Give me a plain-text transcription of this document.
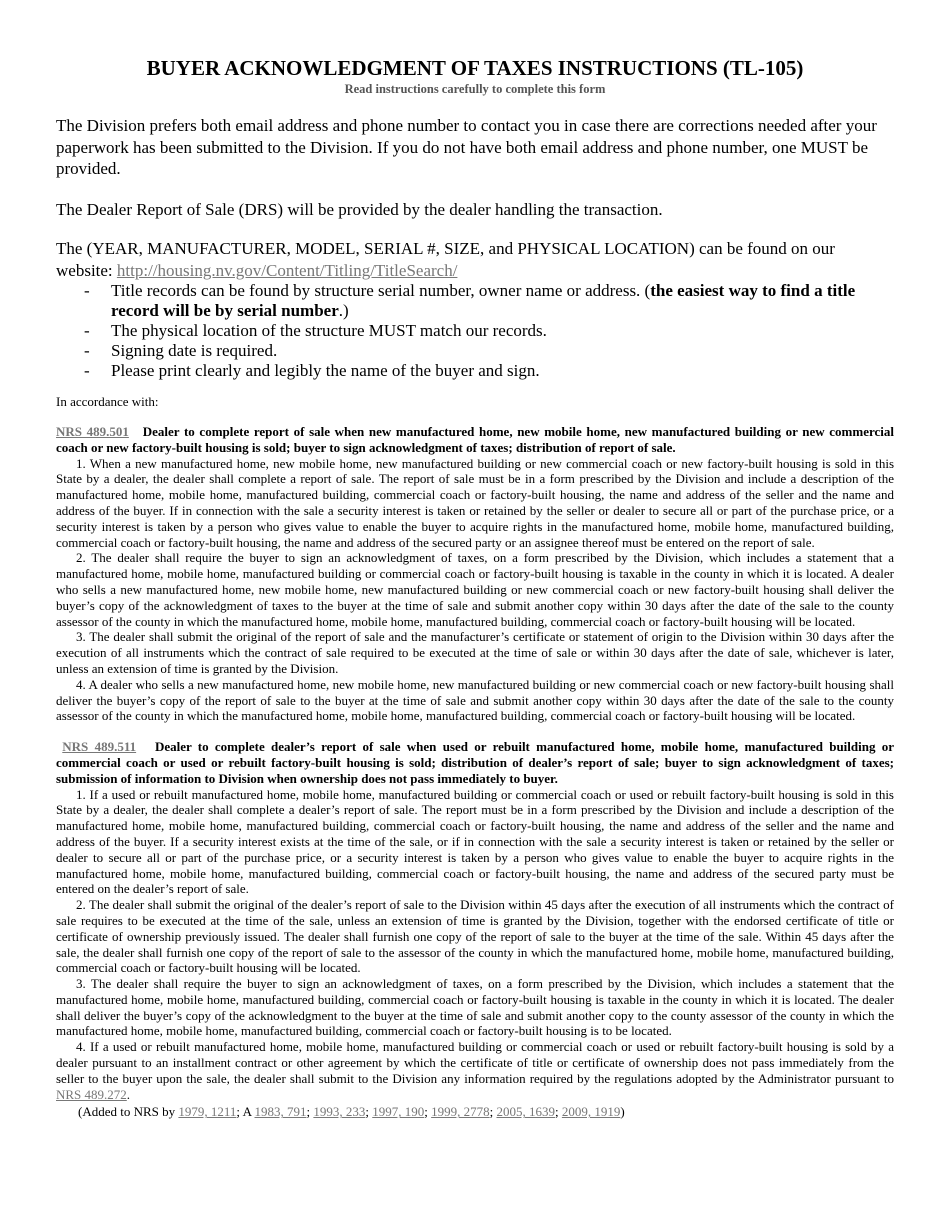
BUYER ACKNOWLEDGMENT OF TAXES INSTRUCTIONS (TL-105)

Read instructions carefully to complete this form

The Division prefers both email address and phone number to contact you in case there are corrections needed after your paperwork has been submitted to the Division. If you do not have both email address and phone number, one MUST be provided.

The Dealer Report of Sale (DRS) will be provided by the dealer handling the transaction.

The (YEAR, MANUFACTURER, MODEL, SERIAL #, SIZE, and PHYSICAL LOCATION) can be found on our website: http://housing.nv.gov/Content/Titling/TitleSearch/

- Title records can be found by structure serial number, owner name or address. (the easiest way to find a title record will be by serial number.)
- The physical location of the structure MUST match our records.
- Signing date is required.
- Please print clearly and legibly the name of the buyer and sign.

In accordance with:

NRS 489.501 Dealer to complete report of sale when new manufactured home, new mobile home, new manufactured building or new commercial coach or new factory-built housing is sold; buyer to sign acknowledgment of taxes; distribution of report of sale.

1. When a new manufactured home, new mobile home, new manufactured building or new commercial coach or new factory-built housing is sold in this State by a dealer, the dealer shall complete a report of sale. The report of sale must be in a form prescribed by the Division and include a description of the manufactured home, mobile home, manufactured building, commercial coach or factory-built housing, the name and address of the seller and the name and address of the buyer. If in connection with the sale a security interest is taken or retained by the seller or dealer to secure all or part of the purchase price, or a security interest is taken by a person who gives value to enable the buyer to acquire rights in the manufactured home, mobile home, manufactured building, commercial coach or factory-built housing, the name and address of the secured party or an assignee thereof must be entered on the report of sale.

2. The dealer shall require the buyer to sign an acknowledgment of taxes, on a form prescribed by the Division, which includes a statement that a manufactured home, mobile home, manufactured building or commercial coach or factory-built housing is taxable in the county in which it is located. A dealer who sells a new manufactured home, new mobile home, new manufactured building or new commercial coach or new factory-built housing shall deliver the buyer’s copy of the acknowledgment of taxes to the buyer at the time of sale and submit another copy within 30 days after the date of the sale to the county assessor of the county in which the manufactured home, mobile home, manufactured building, commercial coach or factory-built housing will be located.

3. The dealer shall submit the original of the report of sale and the manufacturer’s certificate or statement of origin to the Division within 30 days after the execution of all instruments which the contract of sale required to be executed at the time of sale or within 30 days after the date of sale, whichever is later, unless an extension of time is granted by the Division.

4. A dealer who sells a new manufactured home, new mobile home, new manufactured building or new commercial coach or new factory-built housing shall deliver the buyer’s copy of the report of sale to the buyer at the time of sale and submit another copy within 30 days after the date of the sale to the county assessor of the county in which the manufactured home, mobile home, manufactured building, commercial coach or factory-built housing will be located.

NRS 489.511 Dealer to complete dealer’s report of sale when used or rebuilt manufactured home, mobile home, manufactured building or commercial coach or used or rebuilt factory-built housing is sold; distribution of dealer’s report of sale; buyer to sign acknowledgment of taxes; submission of information to Division when ownership does not pass immediately to buyer.

1. If a used or rebuilt manufactured home, mobile home, manufactured building or commercial coach or used or rebuilt factory-built housing is sold in this State by a dealer, the dealer shall complete a dealer’s report of sale. The report must be in a form prescribed by the Division and include a description of the manufactured home, mobile home, manufactured building, commercial coach or factory-built housing, the name and address of the seller and the name and address of the buyer. If a security interest exists at the time of the sale, or if in connection with the sale a security interest is taken or retained by the seller or dealer to secure all or part of the purchase price, or a security interest is taken by a person who gives value to enable the buyer to acquire rights in the manufactured home, mobile home, manufactured building, commercial coach or factory-built housing, the name and address of the secured party must be entered on the dealer’s report of sale.

2. The dealer shall submit the original of the dealer’s report of sale to the Division within 45 days after the execution of all instruments which the contract of sale requires to be executed at the time of the sale, unless an extension of time is granted by the Division, together with the endorsed certificate of title or certificate of ownership previously issued. The dealer shall furnish one copy of the report of sale to the buyer at the time of the sale. Within 45 days after the sale, the dealer shall furnish one copy of the report of sale to the assessor of the county in which the manufactured home, mobile home, manufactured building, commercial coach or factory-built housing will be located.

3. The dealer shall require the buyer to sign an acknowledgment of taxes, on a form prescribed by the Division, which includes a statement that the manufactured home, mobile home, manufactured building, commercial coach or factory-built housing is taxable in the county in which it is located. The dealer shall deliver the buyer’s copy of the acknowledgment to the buyer at the time of sale and submit another copy to the county assessor of the county in which the manufactured home, mobile home, manufactured building, commercial coach or factory-built housing is to be located.

4. If a used or rebuilt manufactured home, mobile home, manufactured building or commercial coach or used or rebuilt factory-built housing is sold by a dealer pursuant to an installment contract or other agreement by which the certificate of title or certificate of ownership does not pass immediately from the seller to the buyer upon the sale, the dealer shall submit to the Division any information required by the regulations adopted by the Administrator pursuant to NRS 489.272.

(Added to NRS by 1979, 1211; A 1983, 791; 1993, 233; 1997, 190; 1999, 2778; 2005, 1639; 2009, 1919)
